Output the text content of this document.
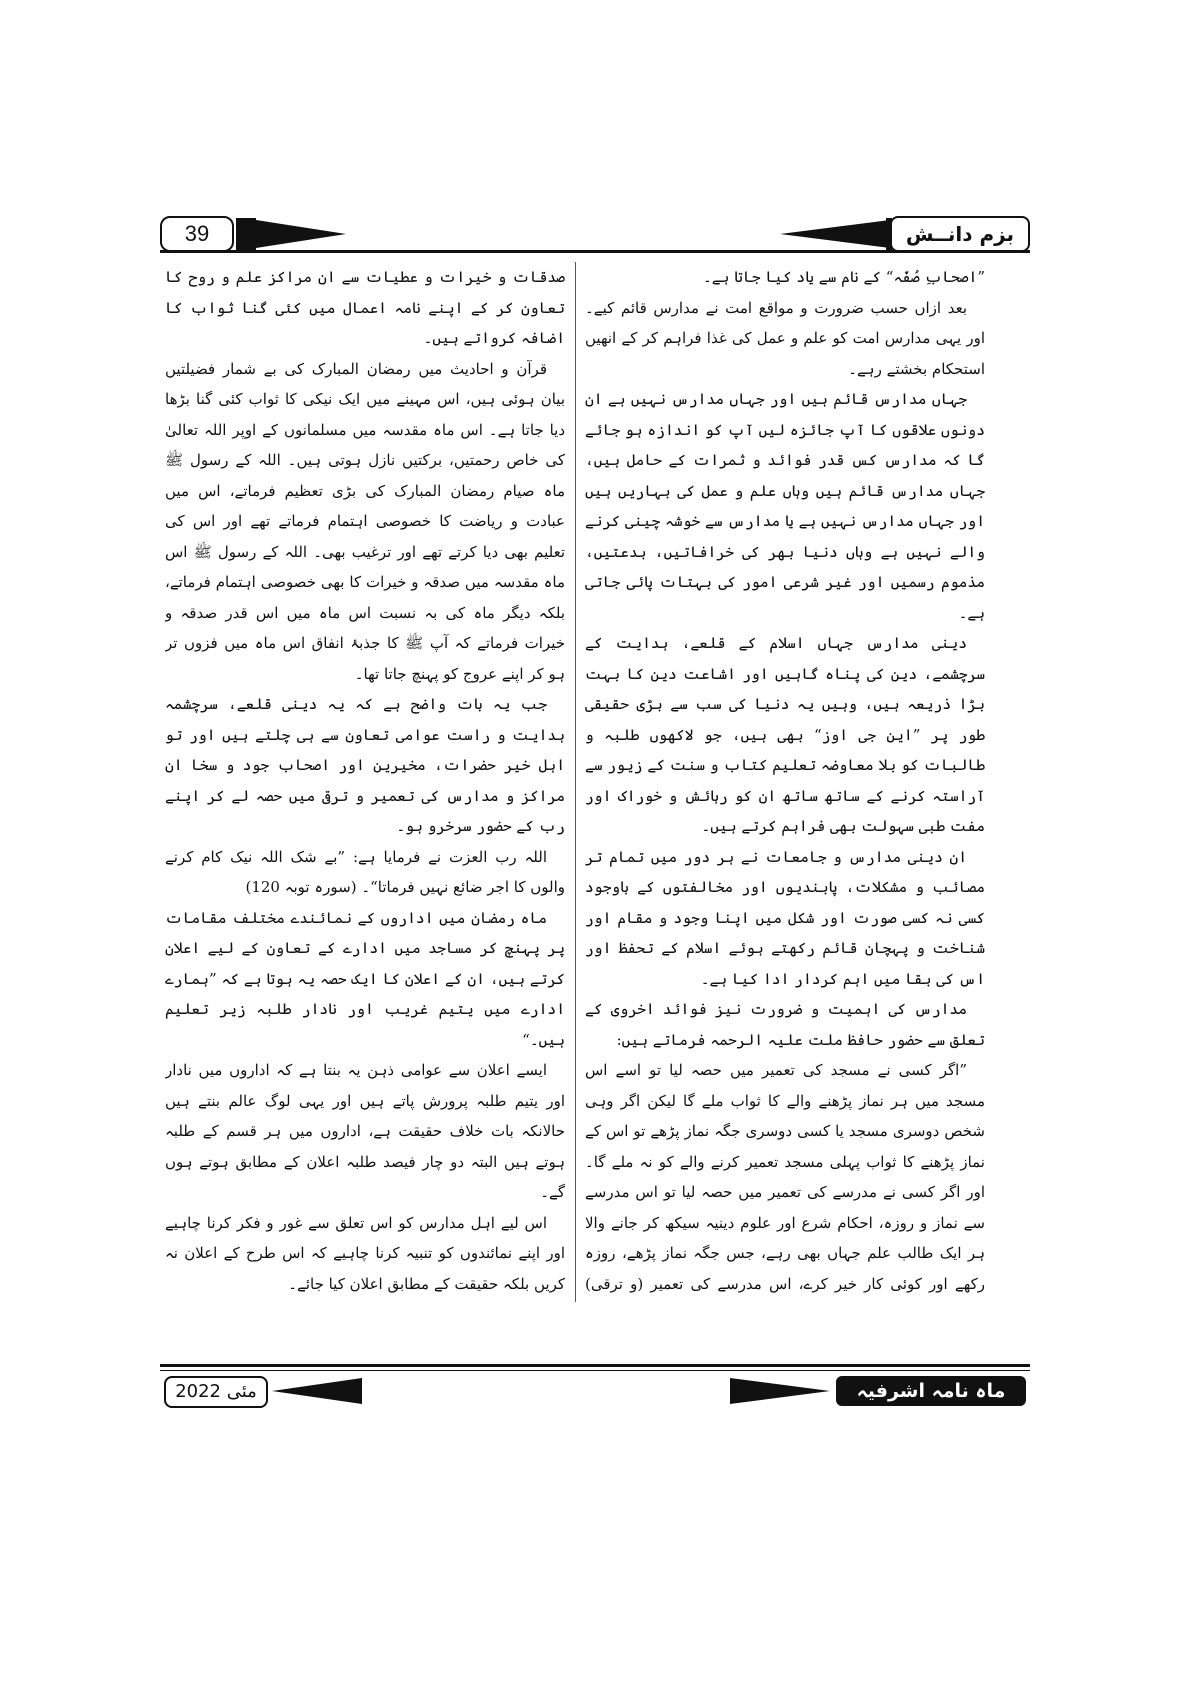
39	بزم دانــش

”اصحابِ صُفّہ“ کے نام سے یاد کیا جاتا ہے۔

بعد ازاں حسب ضرورت و مواقع امت نے مدارس قائم کیے۔ اور یہی مدارس امت کو علم و عمل کی غذا فراہم کر کے انھیں استحکام بخشتے رہے۔

جہاں مدارس قائم ہیں اور جہاں مدارس نہیں ہے ان دونوں علاقوں کا آپ جائزہ لیں آپ کو اندازہ ہو جائے گا کہ مدارس کس قدر فوائد و ثمرات کے حامل ہیں، جہاں مدارس قائم ہیں وہاں علم و عمل کی بہاریں ہیں اور جہاں مدارس نہیں ہے یا مدارس سے خوشہ چینی کرنے والے نہیں ہے وہاں دنیا بھر کی خرافاتیں، بدعتیں، مذموم رسمیں اور غیر شرعی امور کی بہتات پائی جاتی ہے۔

دینی مدارس جہاں اسلام کے قلعے، ہدایت کے سرچشمے، دین کی پناہ گاہیں اور اشاعت دین کا بہت بڑا ذریعہ ہیں، وہیں یہ دنیا کی سب سے بڑی حقیقی طور پر ”این جی اوز“ بھی ہیں، جو لاکھوں طلبہ و طالبات کو بلا معاوضہ تعلیم کتاب و سنت کے زیور سے آراستہ کرنے کے ساتھ ساتھ ان کو رہائش و خوراک اور مفت طبی سہولت بھی فراہم کرتے ہیں۔

ان دینی مدارس و جامعات نے ہر دور میں تمام تر مصائب و مشکلات، پابندیوں اور مخالفتوں کے باوجود کسی نہ کسی صورت اور شکل میں اپنا وجود و مقام اور شناخت و پہچان قائم رکھتے ہوئے اسلام کے تحفظ اور اس کی بقا میں اہم کردار ادا کیا ہے۔

مدارس کی اہمیت و ضرورت نیز فوائد اخروی کے تعلق سے حضور حافظ ملت علیہ الرحمہ فرماتے ہیں:

”اگر کسی نے مسجد کی تعمیر میں حصہ لیا تو اسے اس مسجد میں ہر نماز پڑھنے والے کا ثواب ملے گا لیکن اگر وہی شخص دوسری مسجد یا کسی دوسری جگہ نماز پڑھے تو اس کے نماز پڑھنے کا ثواب پہلی مسجد تعمیر کرنے والے کو نہ ملے گا۔ اور اگر کسی نے مدرسے کی تعمیر میں حصہ لیا تو اس مدرسے سے نماز و روزہ، احکام شرع اور علوم دینیہ سیکھ کر جانے والا ہر ایک طالب علم جہاں بھی رہے، جس جگہ نماز پڑھے، روزہ رکھے اور کوئی کار خیر کرے، اس مدرسے کی تعمیر (و ترقی)

صدقات و خیرات و عطیات سے ان مراکز علم و روح کا تعاون کر کے اپنے نامہ اعمال میں کئی گنا ثواب کا اضافہ کرواتے ہیں۔

قرآن و احادیث میں رمضان المبارک کی بے شمار فضیلتیں بیان ہوئی ہیں، اس مہینے میں ایک نیکی کا ثواب کئی گنا بڑھا دیا جاتا ہے۔ اس ماہ مقدسہ میں مسلمانوں کے اوپر اللہ تعالیٰ کی خاص رحمتیں، برکتیں نازل ہوتی ہیں۔ اللہ کے رسول ﷺ ماہ صیام رمضان المبارک کی بڑی تعظیم فرماتے، اس میں عبادت و ریاضت کا خصوصی اہتمام فرماتے تھے اور اس کی تعلیم بھی دیا کرتے تھے اور ترغیب بھی۔ اللہ کے رسول ﷺ اس ماہ مقدسہ میں صدقہ و خیرات کا بھی خصوصی اہتمام فرماتے، بلکہ دیگر ماہ کی بہ نسبت اس ماہ میں اس قدر صدقہ و خیرات فرماتے کہ آپ ﷺ کا جذبۂ انفاق اس ماہ میں فزوں تر ہو کر اپنے عروج کو پہنچ جاتا تھا۔

جب یہ بات واضح ہے کہ یہ دینی قلعے، سرچشمہ ہدایت و راست عوامی تعاون سے ہی چلتے ہیں اور تو اہل خیر حضرات، مخیرین اور اصحاب جود و سخا ان مراکز و مدارس کی تعمیر و ترقی میں حصہ لے کر اپنے رب کے حضور سرخرو ہو۔

اللہ رب العزت نے فرمایا ہے: ”بے شک اللہ نیک کام کرنے والوں کا اجر ضائع نہیں فرماتا“۔ (سورہ توبہ 120)

ماہ رمضان میں اداروں کے نمائندے مختلف مقامات پر پہنچ کر مساجد میں ادارے کے تعاون کے لیے اعلان کرتے ہیں، ان کے اعلان کا ایک حصہ یہ ہوتا ہے کہ ”ہمارے ادارے میں یتیم غریب اور نادار طلبہ زیر تعلیم ہیں۔“

ایسے اعلان سے عوامی ذہن یہ بنتا ہے کہ اداروں میں نادار اور یتیم طلبہ پرورش پاتے ہیں اور یہی لوگ عالم بنتے ہیں حالانکہ بات خلاف حقیقت ہے، اداروں میں ہر قسم کے طلبہ ہوتے ہیں البتہ دو چار فیصد طلبہ اعلان کے مطابق ہوتے ہوں گے۔

اس لیے اہل مدارس کو اس تعلق سے غور و فکر کرنا چاہیے اور اپنے نمائندوں کو تنبیہ کرنا چاہیے کہ اس طرح کے اعلان نہ کریں بلکہ حقیقت کے مطابق اعلان کیا جائے۔

مئی 2022	ماہ نامہ اشرفیہ
